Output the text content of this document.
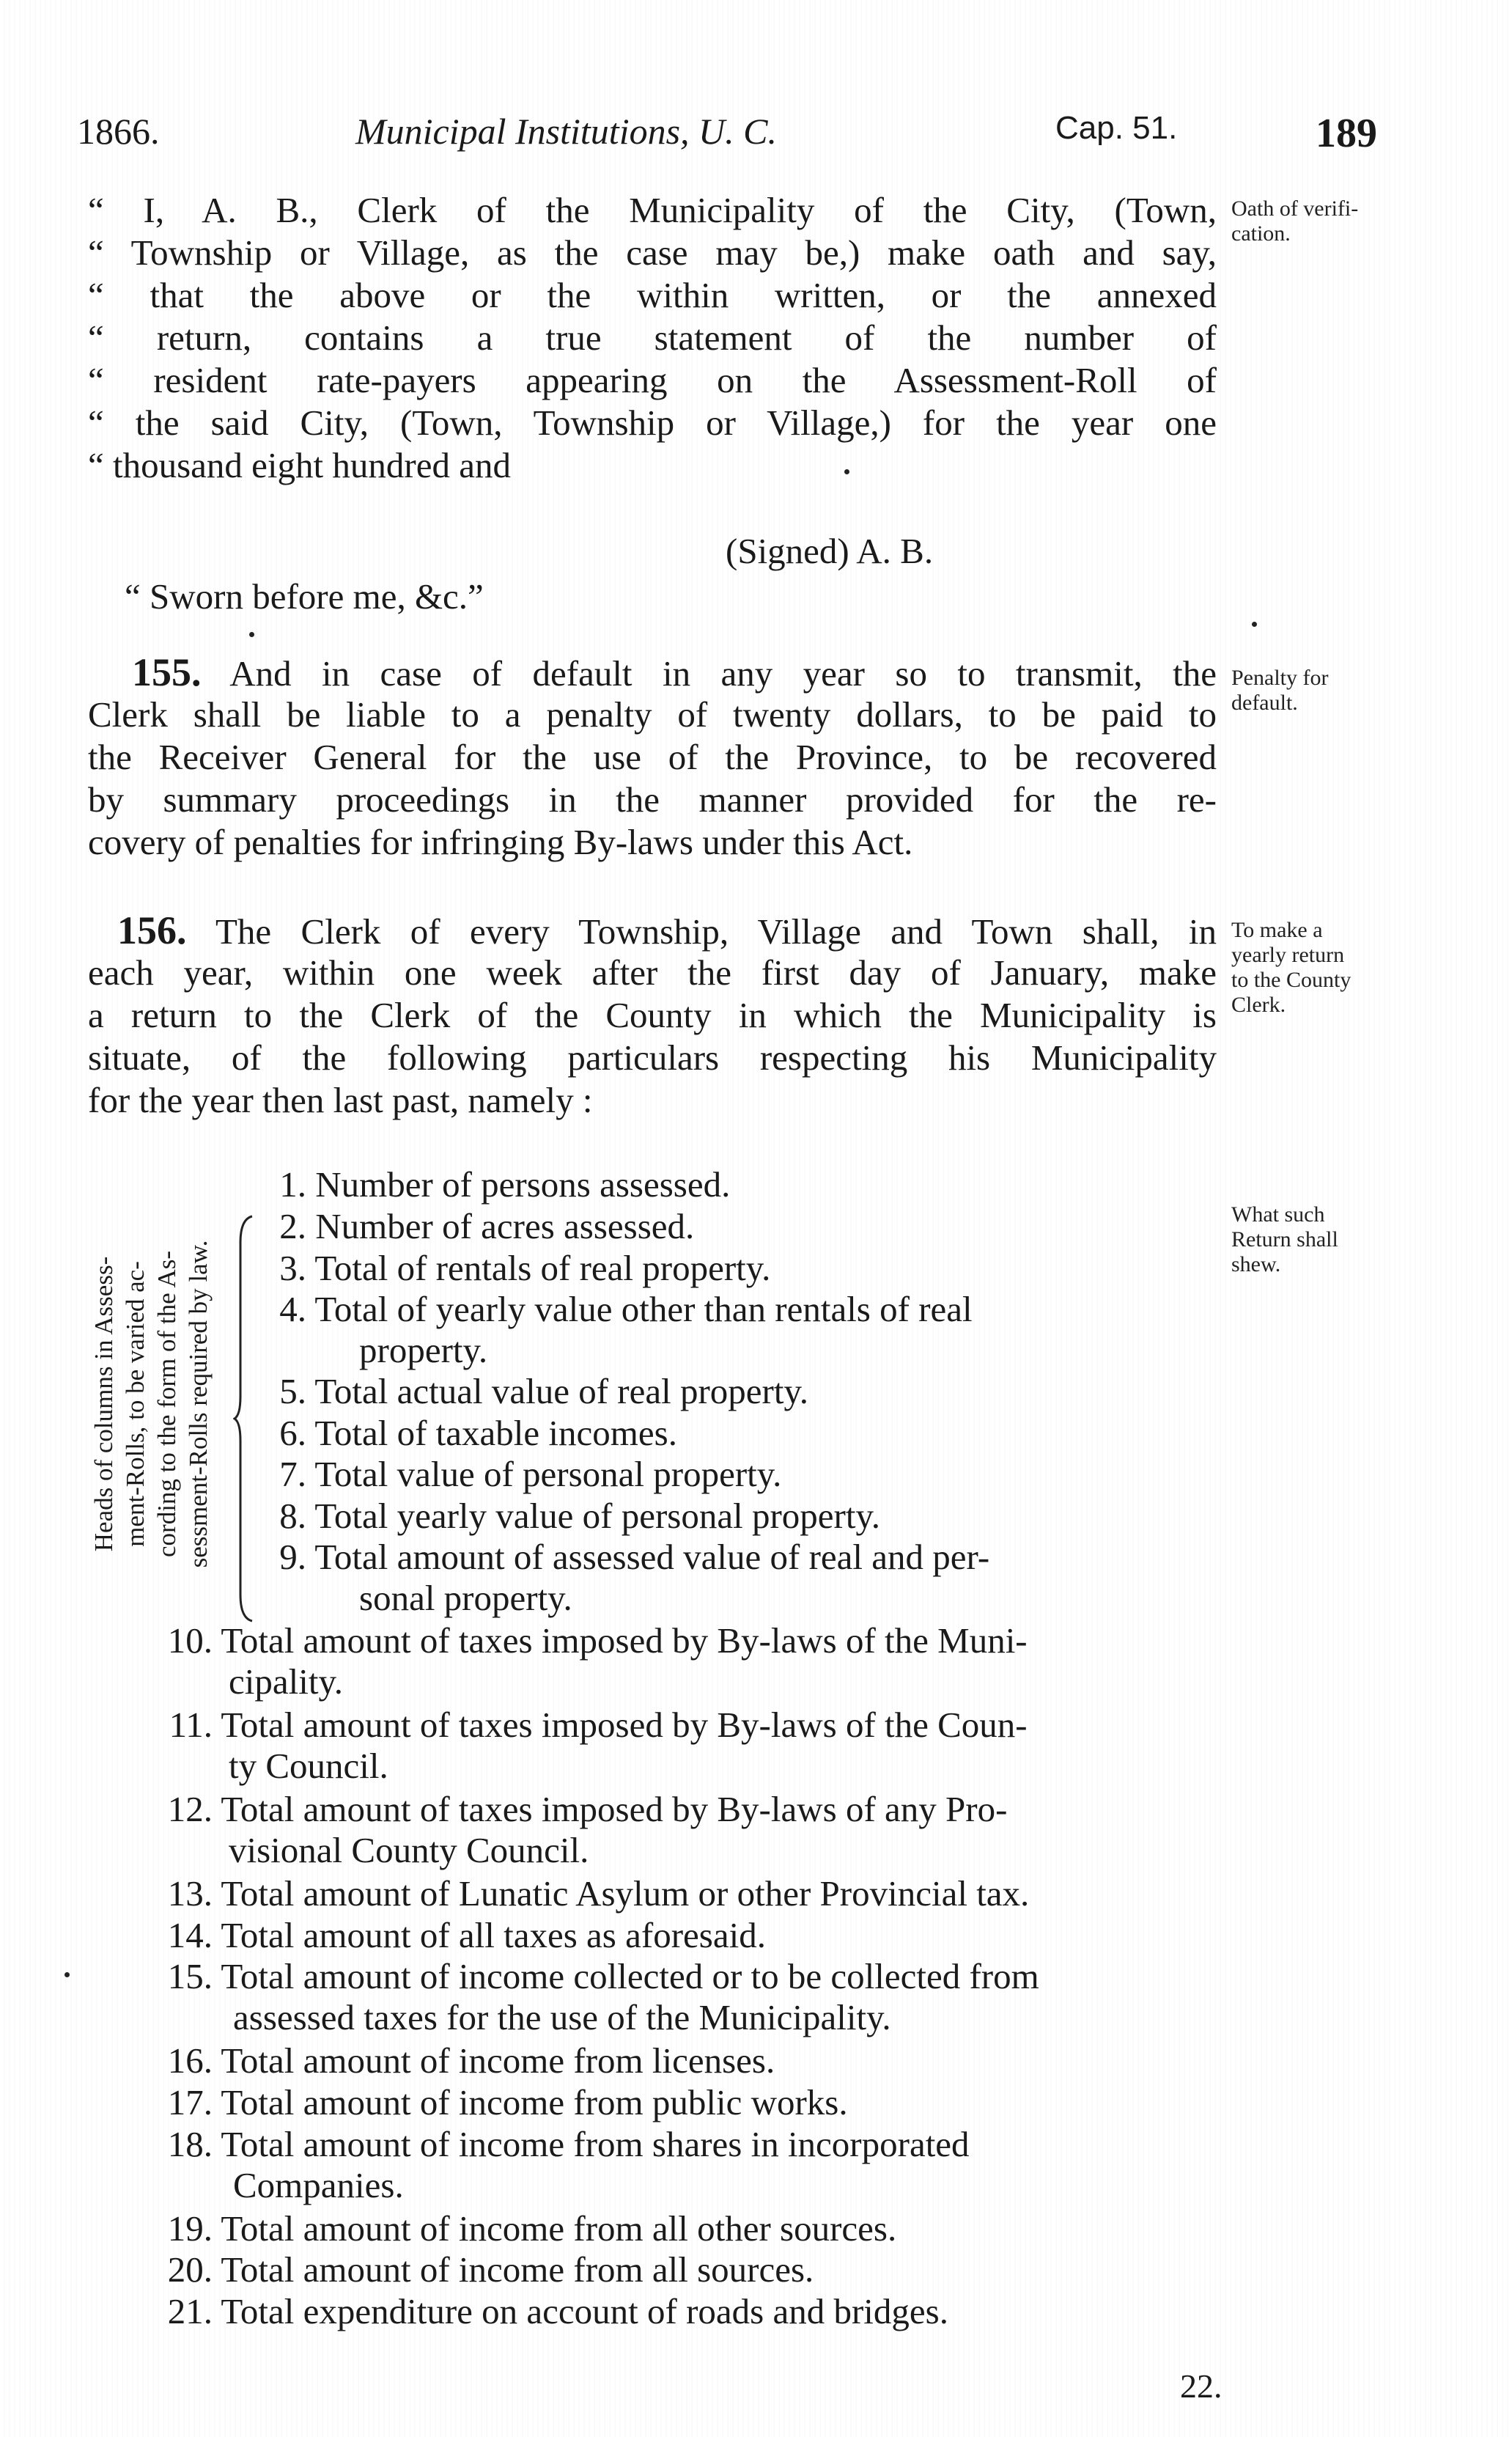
1866.	Municipal Institutions, U. C.	Cap. 51.	189
“ I, A. B., Clerk of the Municipality of the City, (Town,
“ Township or Village, as the case may be,) make oath and say,
“ that the above or the within written, or the annexed
“ return, contains a true statement of the number of
“ resident rate-payers appearing on the Assessment-Roll of
“ the said City, (Town, Township or Village,) for the year one
“ thousand eight hundred and
Oath of verifi-
cation.
(Signed) A. B.
“ Sworn before me, &c.”
155. And in case of default in any year so to transmit, the
Clerk shall be liable to a penalty of twenty dollars, to be paid to
the Receiver General for the use of the Province, to be recovered
by summary proceedings in the manner provided for the re-
covery of penalties for infringing By-laws under this Act.
Penalty for
default.
156. The Clerk of every Township, Village and Town shall, in
each year, within one week after the first day of January, make
a return to the Clerk of the County in which the Municipality is
situate, of the following particulars respecting his Municipality
for the year then last past, namely :
To make a
yearly return
to the County
Clerk.
Heads of columns in Assess- ment-Rolls, to be varied ac- cording to the form of the As- sessment-Rolls required by law.
What such
Return shall
shew.
1. Number of persons assessed.
2. Number of acres assessed.
3. Total of rentals of real property.
4. Total of yearly value other than rentals of real
property.
5. Total actual value of real property.
6. Total of taxable incomes.
7. Total value of personal property.
8. Total yearly value of personal property.
9. Total amount of assessed value of real and per-
sonal property.
10. Total amount of taxes imposed by By-laws of the Muni-
cipality.
11. Total amount of taxes imposed by By-laws of the Coun-
ty Council.
12. Total amount of taxes imposed by By-laws of any Pro-
visional County Council.
13. Total amount of Lunatic Asylum or other Provincial tax.
14. Total amount of all taxes as aforesaid.
15. Total amount of income collected or to be collected from
assessed taxes for the use of the Municipality.
16. Total amount of income from licenses.
17. Total amount of income from public works.
18. Total amount of income from shares in incorporated
Companies.
19. Total amount of income from all other sources.
20. Total amount of income from all sources.
21. Total expenditure on account of roads and bridges.
22.
